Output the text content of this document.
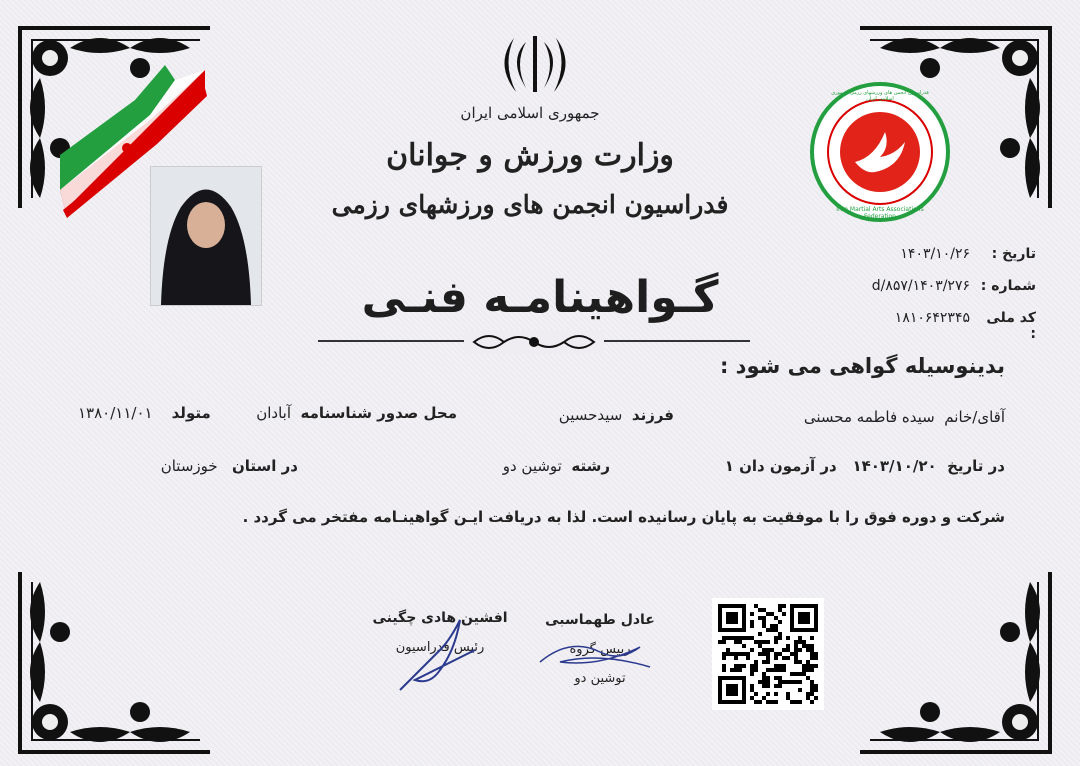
جمهوری اسلامی ایران
وزارت ورزش و جوانان
فدراسیون انجمن های ورزشهای رزمی
فدراسیون انجمن های ورزشهای رزمی جمهوری اسلامی ایران
Iran Martial Arts Associations Federation
تاریخ :
۱۴۰۳/۱۰/۲۶
شماره :
۱۴۰۳/۲۷۶/d/۸۵۷
کد ملی :
۱۸۱۰۶۴۲۳۴۵
گـواهینامـه فنـی
بدینوسیله گواهی می شود :
آقای/خانم  سیده فاطمه محسنی
فرزند  سیدحسین
محل صدور شناسنامه  آبادان
متولد    ۱۳۸۰/۱۱/۰۱
در تاریخ  ۱۴۰۳/۱۰/۲۰   در آزمون دان ۱
رشته  توشین دو
در استان   خوزستان
شرکت و دوره فوق را با موفقیت به پایان رسانیده است. لذا به دریافت ایـن گواهینـامه مفتخر می گردد .
افشین هادی چگینی
رئیس فدراسیون
عادل طهماسبی
رییس گروه
توشین دو
